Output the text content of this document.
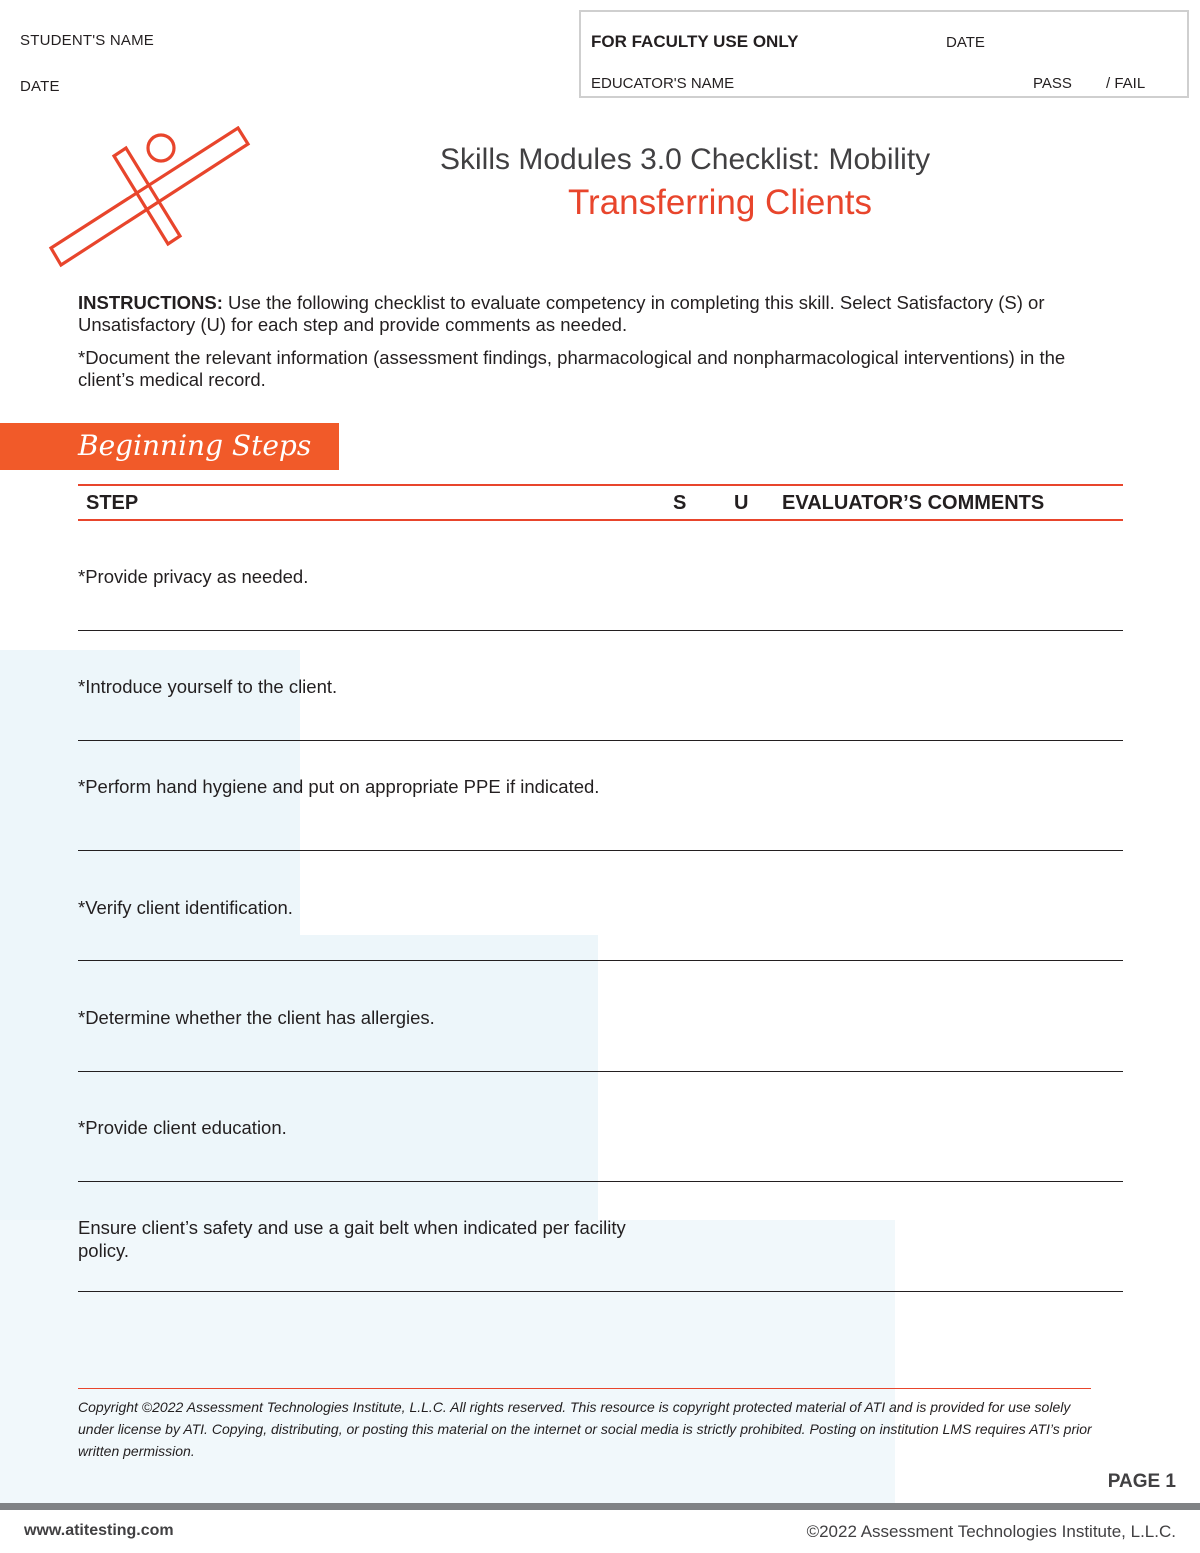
STUDENT'S NAME
DATE
FOR FACULTY USE ONLY	DATE
EDUCATOR'S NAME	PASS / FAIL
Skills Modules 3.0 Checklist: Mobility
Transferring Clients

INSTRUCTIONS: Use the following checklist to evaluate competency in completing this skill. Select Satisfactory (S) or Unsatisfactory (U) for each step and provide comments as needed.

*Document the relevant information (assessment findings, pharmacological and nonpharmacological interventions) in the client’s medical record.

Beginning Steps
STEP	S U EVALUATOR’S COMMENTS
*Provide privacy as needed.
*Introduce yourself to the client.
*Perform hand hygiene and put on appropriate PPE if indicated.
*Verify client identification.
*Determine whether the client has allergies.
*Provide client education.
Ensure client’s safety and use a gait belt when indicated per facility policy.
Copyright ©2022 Assessment Technologies Institute, L.L.C. All rights reserved. This resource is copyright protected material of ATI and is provided for use solely under license by ATI. Copying, distributing, or posting this material on the internet or social media is strictly prohibited. Posting on institution LMS requires ATI’s prior written permission.
PAGE 1
www.atitesting.com	©2022 Assessment Technologies Institute, L.L.C.
